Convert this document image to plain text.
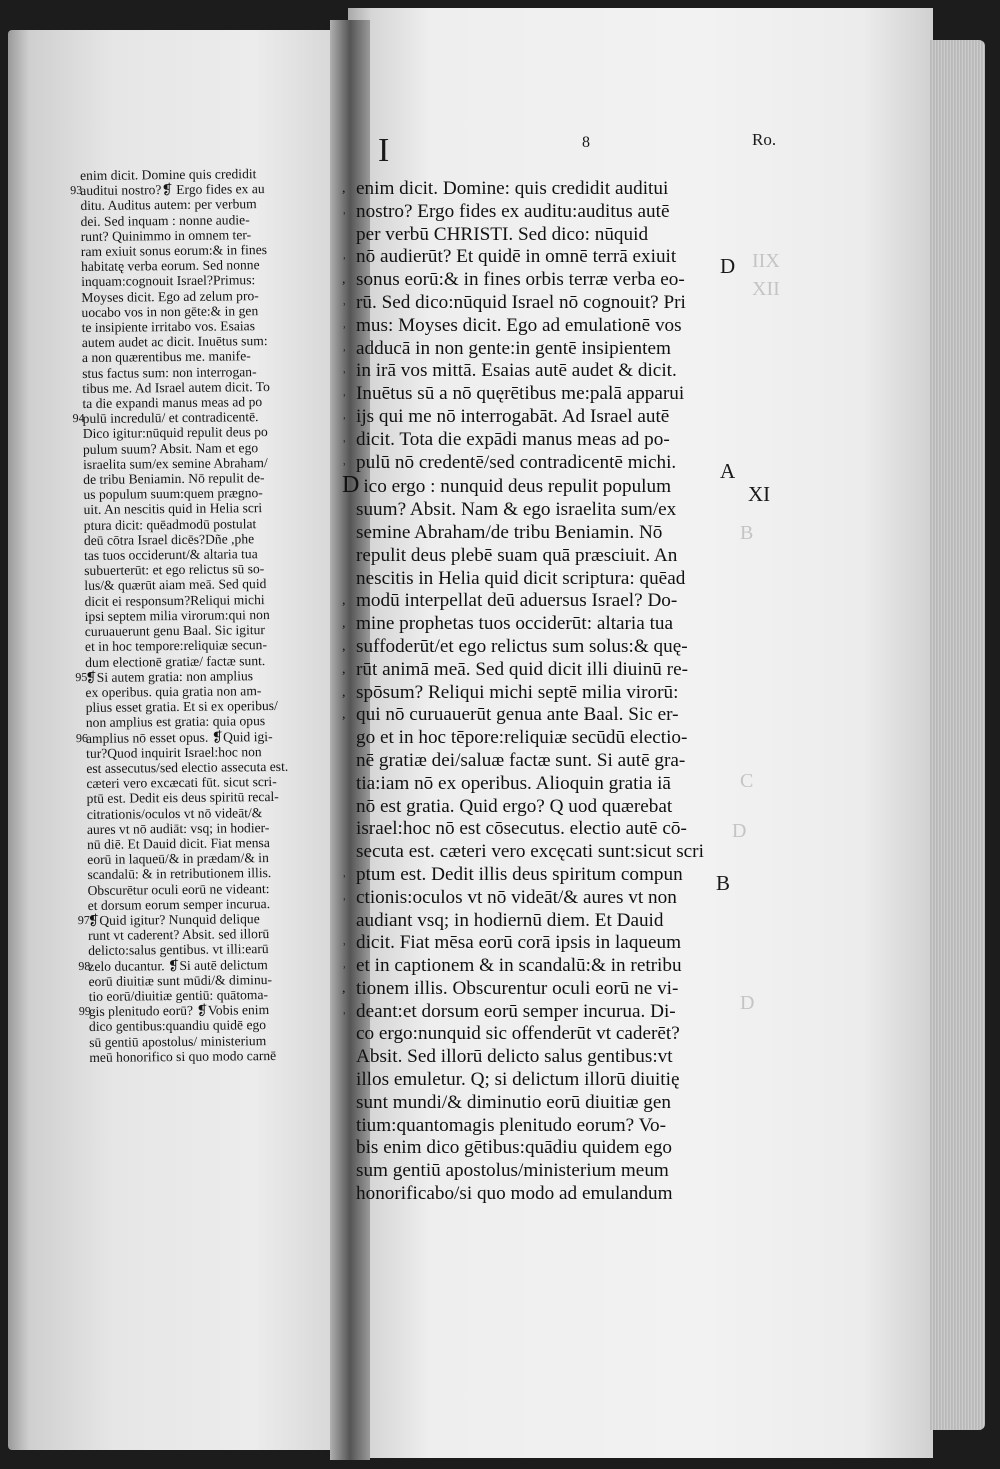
IIX
XII
B
C
D
D
I	8	Ro.
enim dicit. Domine quis credidit
93
auditui nostro?❡ Ergo fides ex au
ditu. Auditus autem: per verbum
dei. Sed inquam : nonne audie-
runt? Quinimmo in omnem ter-
ram exiuit sonus eorum:& in fines
habitatę verba eorum. Sed nonne
inquam:cognouit Israel?Primus:
Moyses dicit. Ego ad zelum pro-
uocabo vos in non gēte:& in gen
te insipiente irritabo vos. Esaias
autem audet ac dicit. Inuētus sum:
a non quærentibus me. manife-
stus factus sum: non interrogan-
tibus me. Ad Israel autem dicit. To
ta die expandi manus meas ad po
94
pulū incredulū/ et contradicentē.
Dico igitur:nūquid repulit deus po
pulum suum? Absit. Nam et ego
israelita sum/ex semine Abraham/
de tribu Beniamin. Nō repulit de-
us populum suum:quem prægno-
uit. An nescitis quid in Helia scri
ptura dicit: quēadmodū postulat
deū cōtra Israel dicēs?Dñe ,phe
tas tuos occiderunt/& altaria tua
subuerterūt: et ego relictus sū so-
lus/& quærūt aiam meā. Sed quid
dicit ei responsum?Reliqui michi
ipsi septem milia virorum:qui non
curuauerunt genu Baal. Sic igitur
et in hoc tempore:reliquiæ secun-
dum electionē gratiæ/ factæ sunt.
95
❡Si autem gratia: non amplius
ex operibus. quia gratia non am-
plius esset gratia. Et si ex operibus/
non amplius est gratia: quia opus
96
amplius nō esset opus. ❡Quid igi-
tur?Quod inquirit Israel:hoc non
est assecutus/sed electio assecuta est.
cæteri vero excæcati fūt. sicut scri-
ptū est. Dedit eis deus spiritū recal-
citrationis/oculos vt nō videāt/&
aures vt nō audiāt: vsq; in hodier-
nū diē. Et Dauid dicit. Fiat mensa
eorū in laqueū/& in prædam/& in
scandalū: & in retributionem illis.
Obscurētur oculi eorū ne videant:
et dorsum eorum semper incurua.
97
❡Quid igitur? Nunquid delique
runt vt caderent? Absit. sed illorū
delicto:salus gentibus. vt illi:earū
98
zelo ducantur. ❡Si autē delictum
eorū diuitiæ sunt mūdi/& diminu-
tio eorū/diuitiæ gentiū: quātoma-
99
gis plenitudo eorū? ❡Vobis enim
dico gentibus:quandiu quidē ego
sū gentiū apostolus/ ministerium
meū honorifico si quo modo carnē
, enim dicit. Domine: quis credidit auditui
˒ nostro? Ergo fides ex auditu:auditus autē
per verbū CHRISTI. Sed dico: nūquid
˒ nō audierūt? Et quidē in omnē terrā exiuit
, sonus eorū:& in fines orbis terræ verba eo-
˒ rū. Sed dico:nūquid Israel nō cognouit? Pri
˒ mus: Moyses dicit. Ego ad emulationē vos
˒ adducā in non gente:in gentē insipientem
˒ in irā vos mittā. Esaias autē audet & dicit.
˒ Inuētus sū a nō quęrētibus me:palā apparui
˒ ijs qui me nō interrogabāt. Ad Israel autē
˒ dicit. Tota die expādi manus meas ad po-
˒ pulū nō credentē/sed contradicentē michi.
D ico ergo : nunquid deus repulit populum
suum? Absit. Nam & ego israelita sum/ex
semine Abraham/de tribu Beniamin. Nō
repulit deus plebē suam quā præsciuit. An
nescitis in Helia quid dicit scriptura: quēad
, modū interpellat deū aduersus Israel? Do-
, mine prophetas tuos occiderūt: altaria tua
, suffoderūt/et ego relictus sum solus:& quę-
, rūt animā meā. Sed quid dicit illi diuinū re-
, spōsum? Reliqui michi septē milia virorū:
, qui nō curuauerūt genua ante Baal. Sic er-
go et in hoc tēpore:reliquiæ secūdū electio-
nē gratiæ dei/saluæ factæ sunt. Si autē gra-
tia:iam nō ex operibus. Alioquin gratia iā
nō est gratia. Quid ergo? Q uod quærebat
israel:hoc nō est cōsecutus. electio autē cō-
secuta est. cæteri vero excęcati sunt:sicut scri
˒ ptum est. Dedit illis deus spiritum compun
˒ ctionis:oculos vt nō videāt/& aures vt non
audiant vsq; in hodiernū diem. Et Dauid
˒ dicit. Fiat mēsa eorū corā ipsis in laqueum
˒ et in captionem & in scandalū:& in retribu
, tionem illis. Obscurentur oculi eorū ne vi-
˒ deant:et dorsum eorū semper incurua. Di-
co ergo:nunquid sic offenderūt vt caderēt?
Absit. Sed illorū delicto salus gentibus:vt
illos emuletur. Q; si delictum illorū diuitię
sunt mundi/& diminutio eorū diuitiæ gen
tium:quantomagis plenitudo eorum? Vo-
bis enim dico gētibus:quādiu quidem ego
sum gentiū apostolus/ministerium meum
honorificabo/si quo modo ad emulandum
D
A
XI
B
